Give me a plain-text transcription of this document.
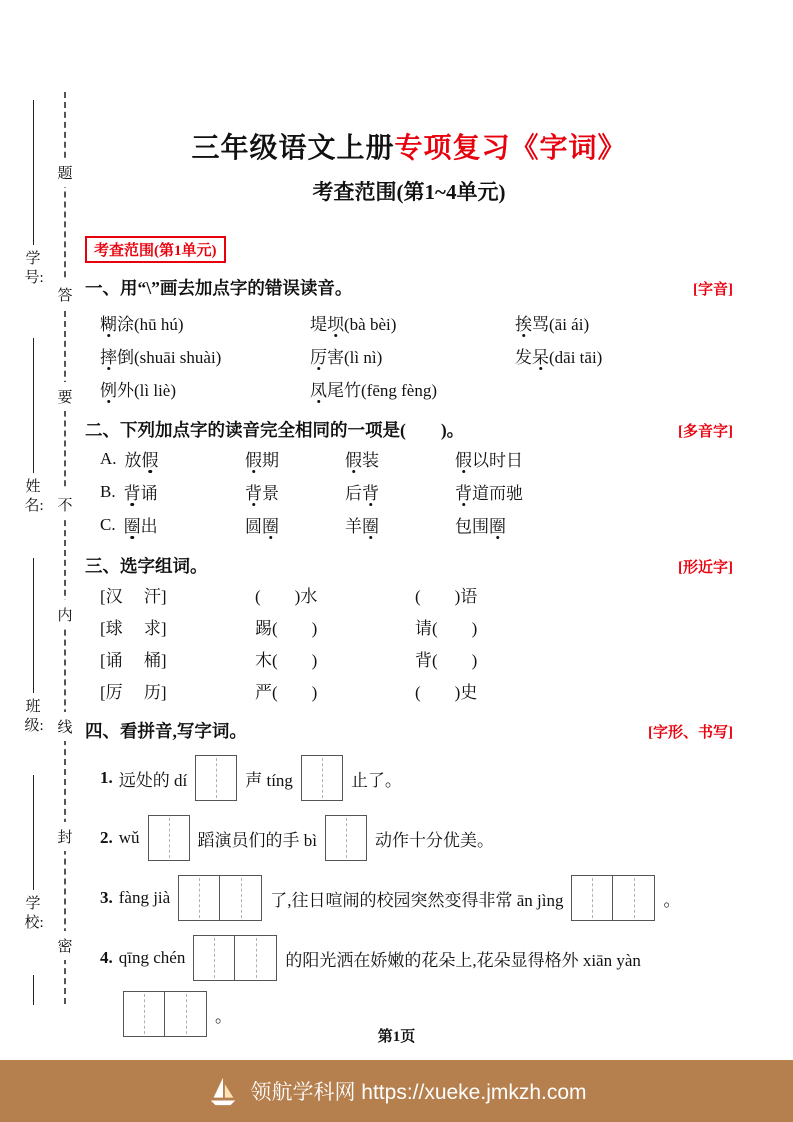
题
答
要
不
内
线
封
密
学号:
姓名:
班级:
学校:
三年级语文上册专项复习《字词》
考查范围(第1~4单元)
考查范围(第1单元)
一、用“\”画去加点字的错误读音。	[字音]
糊涂(hū hú)	堤坝(bà bèi)	挨骂(āi ái)
摔倒(shuāi shuài)	厉害(lì nì)	发呆(dāi tāi)
例外(lì liè)	凤尾竹(fēng fèng)
二、下列加点字的读音完全相同的一项是(        )。	[多音字]
A. 放假	假期	假装	假以时日
B. 背诵	背景	后背	背道而驰
C. 圈出	圆圈	羊圈	包围圈
三、选字组词。	[形近字]
[汉　 汗]	(　　)水	(　　)语
[球　 求]	踢(　　)	请(　　)
[诵　 桶]	木(　　)	背(　　)
[厉　 历]	严(　　)	(　　)史
四、看拼音,写字词。	[字形、书写]
1. 远处的 dí	声 tíng	止了。
2. wǔ	蹈演员们的手 bì	动作十分优美。
3. fàng jià	了,往日喧闹的校园突然变得非常 ān jìng	。
4. qīng chén	的阳光洒在娇嫩的花朵上,花朵显得格外 xiān yàn
。
第1页
领航学科网 https://xueke.jmkzh.com
